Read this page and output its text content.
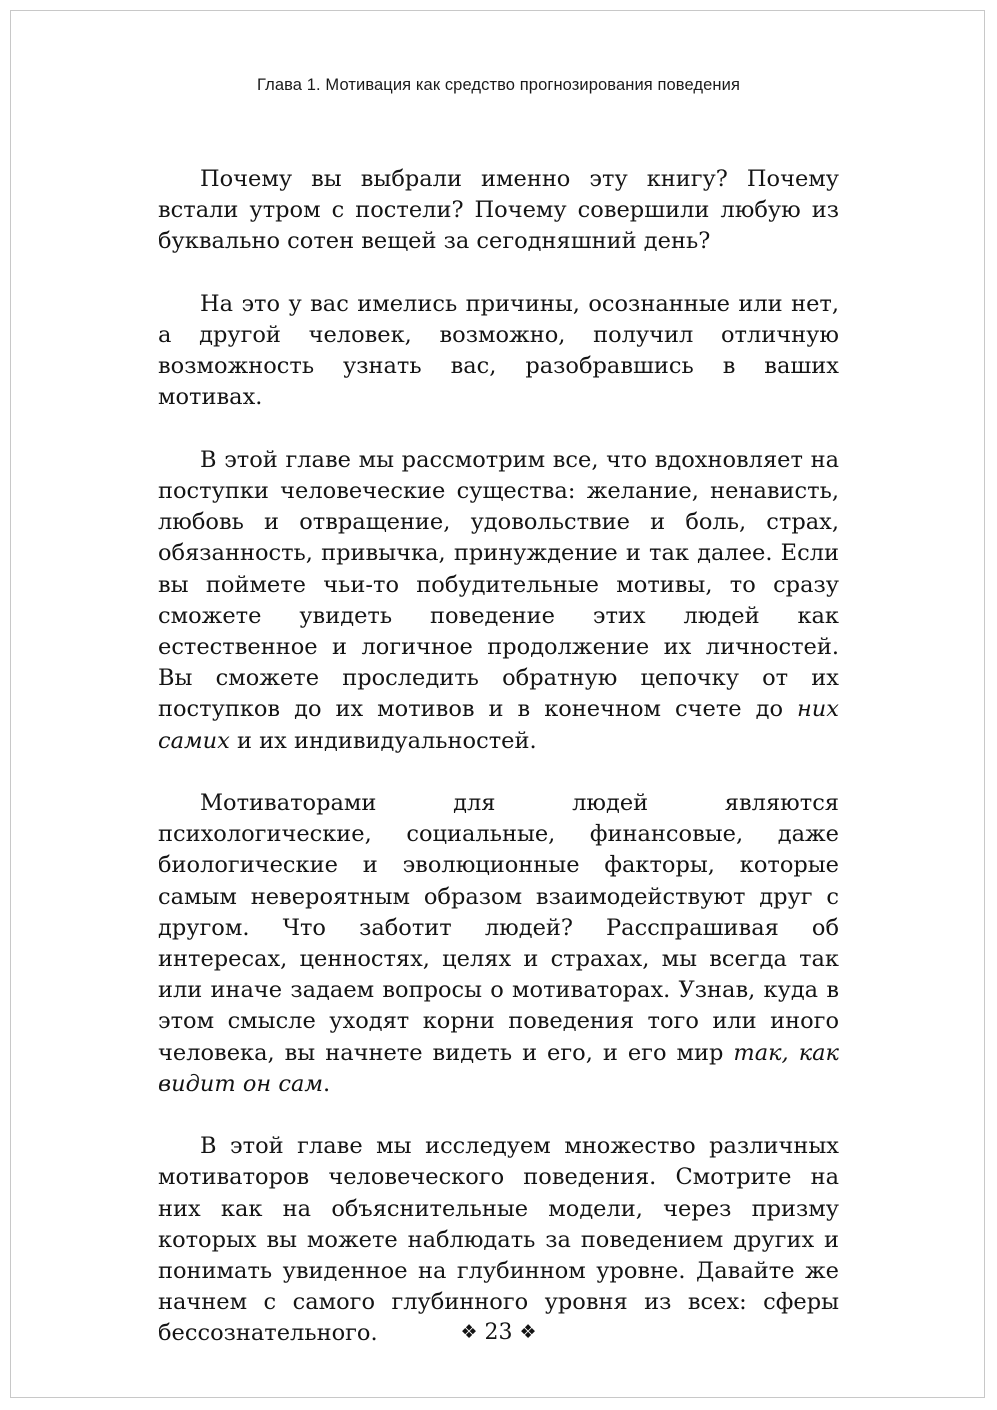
Глава 1. Мотивация как средство прогнозирования поведения

Почему вы выбрали именно эту книгу? Почему встали утром с постели? Почему совершили любую из буквально сотен вещей за сегодняшний день?

На это у вас имелись причины, осознанные или нет, а другой человек, возможно, получил отличную возможность узнать вас, разобравшись в ваших мотивах.

В этой главе мы рассмотрим все, что вдохновляет на поступки человеческие существа: желание, ненависть, любовь и отвращение, удовольствие и боль, страх, обязанность, привычка, принуждение и так далее. Если вы поймете чьи-то побудительные мотивы, то сразу сможете увидеть поведение этих людей как естественное и логичное продолжение их личностей. Вы сможете проследить обратную цепочку от их поступков до их мотивов и в конечном счете до них самих и их индивидуальностей.

Мотиваторами для людей являются психологические, социальные, финансовые, даже биологические и эволюционные факторы, которые самым невероятным образом взаимодействуют друг с другом. Что заботит людей? Расспрашивая об интересах, ценностях, целях и страхах, мы всегда так или иначе задаем вопросы о мотиваторах. Узнав, куда в этом смысле уходят корни поведения того или иного человека, вы начнете видеть и его, и его мир так, как видит он сам.

В этой главе мы исследуем множество различных мотиваторов человеческого поведения. Смотрите на них как на объяснительные модели, через призму которых вы можете наблюдать за поведением других и понимать увиденное на глубинном уровне. Давайте же начнем с самого глубинного уровня из всех: сферы бессознательного.	❖ 23 ❖
